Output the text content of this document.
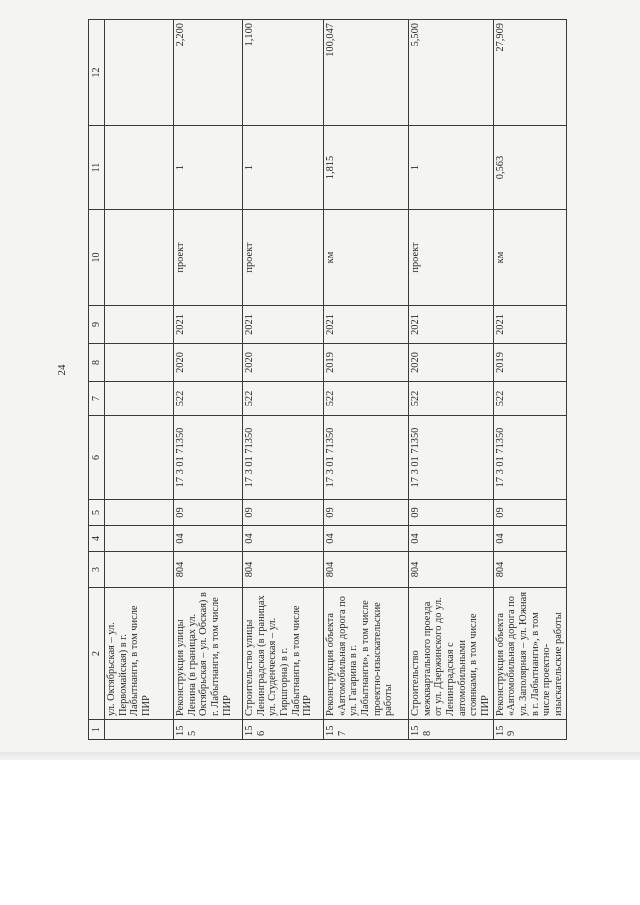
24
1	2	3	4	5	6	7	8	9	10	11	12
	ул. Октябрьская – ул. Первомайская) в г. Лабытнанги, в том числе ПИР										
155	Реконструкция улицы Ленина (в границах ул. Октябрьская – ул. Обская) в г. Лабытнанги, в том числе ПИР	804	04	09	17 3 01 71350	522	2020	2021	проект	1	2,200
156	Строительство улицы Ленинградская (в границах ул. Студенческая – ул. Гиршгорна) в г. Лабытнанги, в том числе ПИР	804	04	09	17 3 01 71350	522	2020	2021	проект	1	1,100
157	Реконструкция объекта «Автомобильная дорога по ул. Гагарина в г. Лабытнанги», в том числе проектно-изыскательские работы	804	04	09	17 3 01 71350	522	2019	2021	км	1,815	100,047
158	Строительство межквартального проезда от ул. Дзержинского до ул. Ленинградская с автомобильными стоянками, в том числе ПИР	804	04	09	17 3 01 71350	522	2020	2021	проект	1	5,500
159	Реконструкция объекта «Автомобильная дорога по ул. Заполярная – ул. Южная в г. Лабытнанги», в том числе проектно-изыскательские работы	804	04	09	17 3 01 71350	522	2019	2021	км	0,563	27,909
